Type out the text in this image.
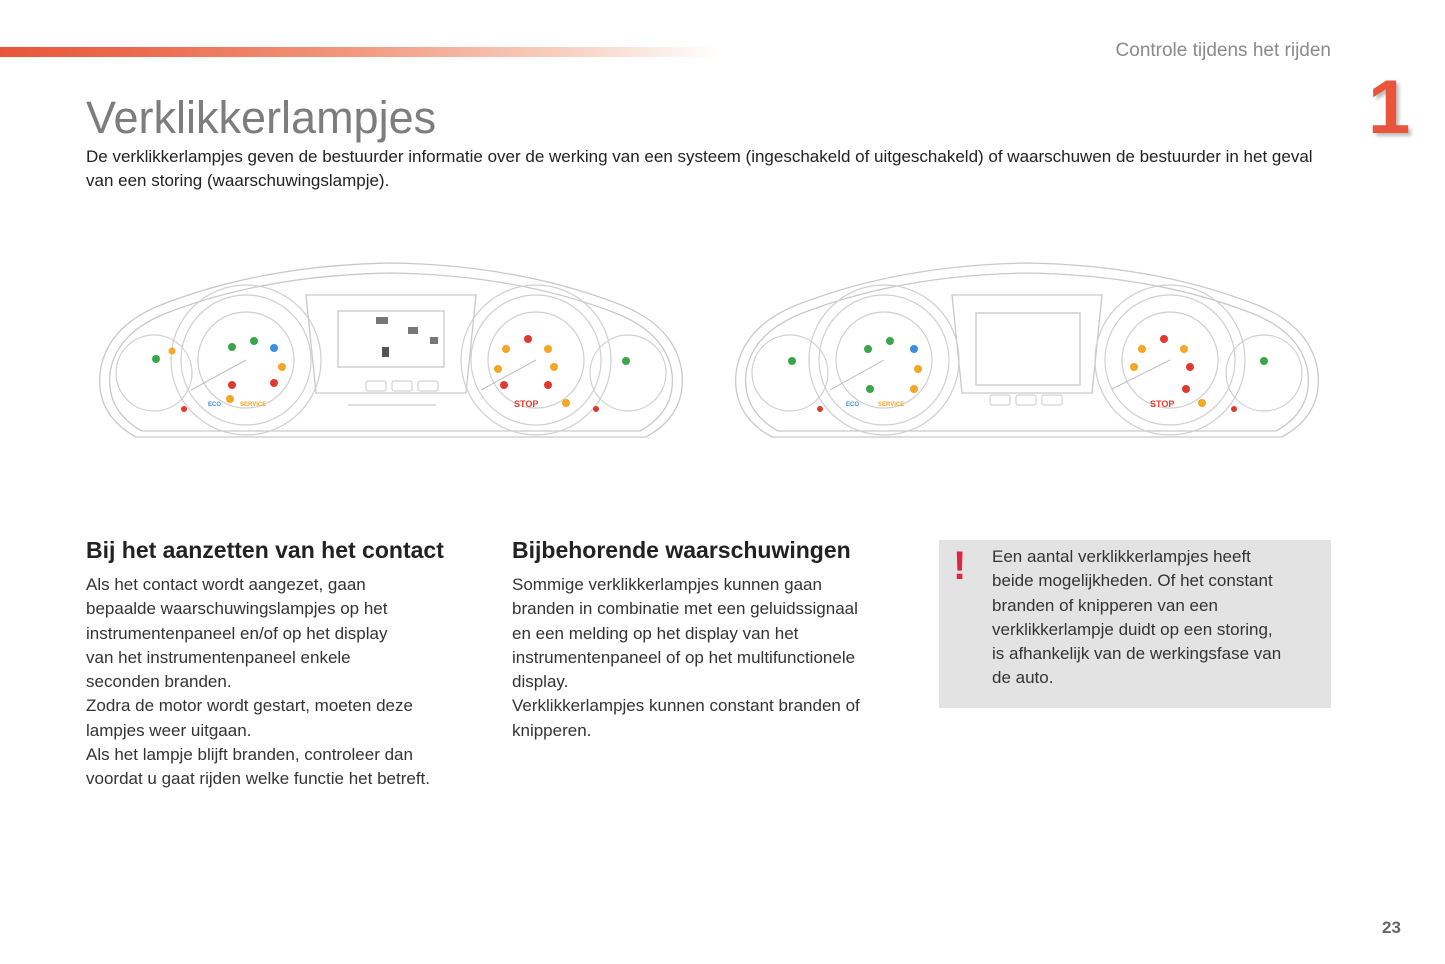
Controle tijdens het rijden
1
Verklikkerlampjes

De verklikkerlampjes geven de bestuurder informatie over de werking van een systeem (ingeschakeld of uitgeschakeld) of waarschuwen de bestuurder in het geval van een storing (waarschuwingslampje).

ECO	SERVICE	STOP	ECO	SERVICE	STOP
Bij het aanzetten van het contact

Als het contact wordt aangezet, gaan
bepaalde waarschuwingslampjes op het
instrumentenpaneel en/of op het display
van het instrumentenpaneel enkele
seconden branden.
Zodra de motor wordt gestart, moeten deze
lampjes weer uitgaan.
Als het lampje blijft branden, controleer dan
voordat u gaat rijden welke functie het betreft.

Bijbehorende waarschuwingen

Sommige verklikkerlampjes kunnen gaan
branden in combinatie met een geluidssignaal
en een melding op het display van het
instrumentenpaneel of op het multifunctionele
display.
Verklikkerlampjes kunnen constant branden of
knipperen.

! Een aantal verklikkerlampjes heeft
beide mogelijkheden. Of het constant
branden of knipperen van een
verklikkerlampje duidt op een storing,
is afhankelijk van de werkingsfase van
de auto.

23
